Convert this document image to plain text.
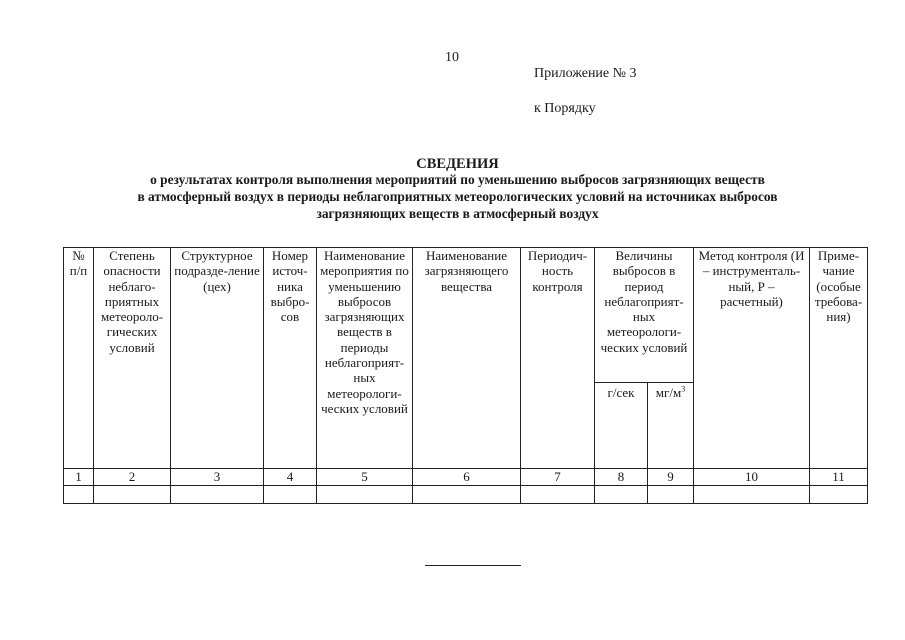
10
Приложение № 3
к Порядку
СВЕДЕНИЯ
о результатах контроля выполнения мероприятий по уменьшению выбросов загрязняющих веществ
в атмосферный воздух в периоды неблагоприятных метеорологических условий на источниках выбросов
загрязняющих веществ в атмосферный воздух
№ п/п	Степень опасности неблаго-приятных метеороло-гических условий	Структурное подразде-ление (цех)	Номер источ-ника выбро-сов	Наименование мероприятия по уменьшению выбросов загрязняющих веществ в периоды неблагоприят-ных метеорологи-ческих условий	Наименование загрязняющего вещества	Периодич-ность контроля	Величины выбросов в период неблагоприят-ных метеорологи-ческих условий		Метод контроля (И – инструменталь-ный, Р – расчетный)	Приме-чание (особые требова-ния)
							г/сек	$мг/м^3$
1	2	3	4	5	6	7	8	9	10	11
